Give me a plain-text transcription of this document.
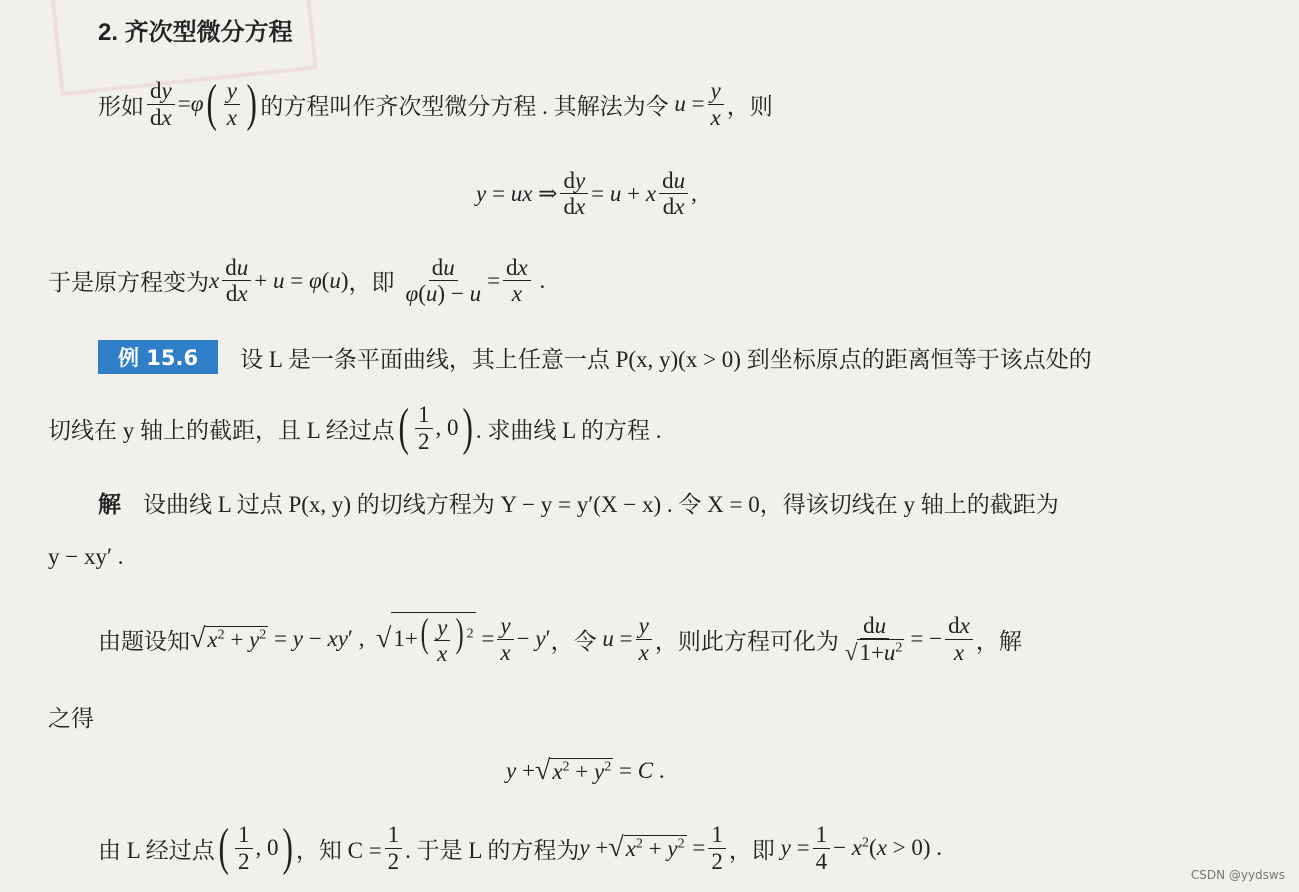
2. 齐次型微分方程
形如 $\frac{dy}{dx} =\varphi$ ( $\frac{y}{x}$ ) 的方程叫作齐次型微分方程 . 其解法为令 $u = \frac{y}{x}$ ，则
y = ux ⇒ $\frac{dy}{dx} = u + x \frac{du}{dx}$ ,
于是原方程变为 x $\frac{du}{dx} + u = \varphi(u)$ ，即 $\frac{du}{\varphi(u) - u} = \frac{dx}{x}$ .
例 15.6	设 L 是一条平面曲线，其上任意一点 P(x, y)(x > 0) 到坐标原点的距离恒等于该点处的
切线在 y 轴上的截距，且 L 经过点 ( $\frac{1}{2}$ , 0 ) . 求曲线 L 的方程 .
解 设曲线 L 过点 P(x, y) 的切线方程为 Y − y = y′(X − x) . 令 X = 0，得该切线在 y 轴上的截距为
y − xy′ .
由题设知 √ $x^2 + y^2 = y - xy'$ , √ $1+( \frac{y}{x}$ ) $^2 = \frac{y}{x} - y'$ ，令 $u = \frac{y}{x}$ ，则此方程可化为 $\frac{du}{√1+u^2}$ = − $\frac{dx}{x}$ ，解
之得
y + √ $x^2 + y^2 = C$ .
由 L 经过点 ( $\frac{1}{2}$ , 0 ) ，知 $C = \frac{1}{2}$ . 于是 L 的方程为 y + √ $x^2 + y^2 = \frac{1}{2}$ ，即 $y = \frac{1}{4} - x^2(x > 0)$ .
CSDN @yydsws
